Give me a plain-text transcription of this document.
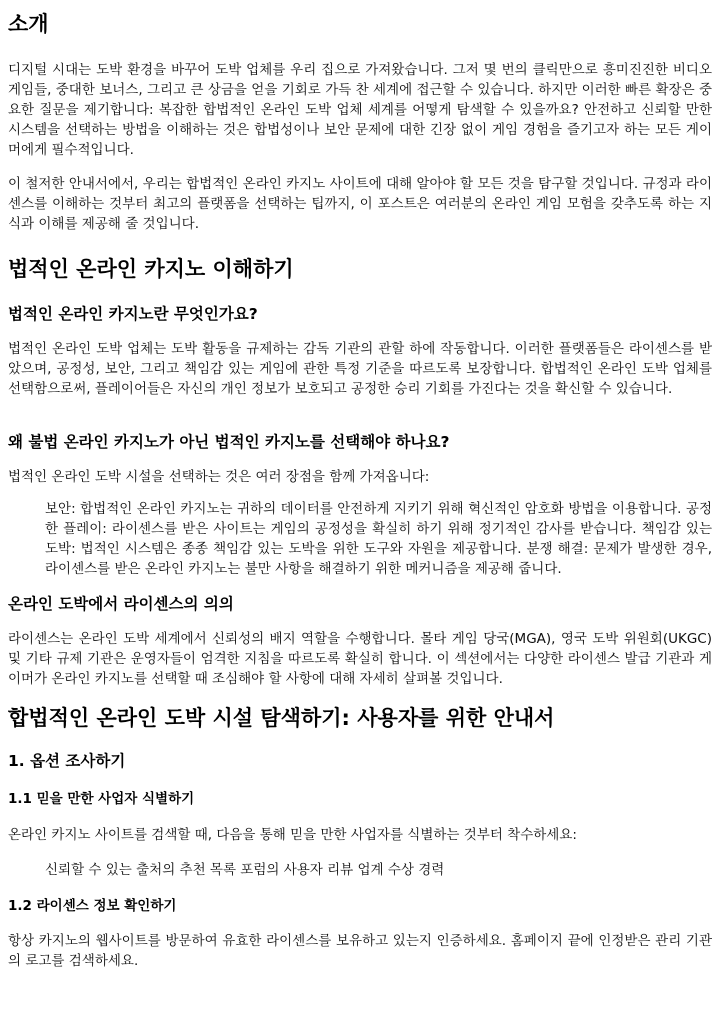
소개

디지털 시대는 도박 환경을 바꾸어 도박 업체를 우리 집으로 가져왔습니다. 그저 몇 번의 클릭만으로 흥미진진한 비디오 게임들, 중대한 보너스, 그리고 큰 상금을 얻을 기회로 가득 찬 세계에 접근할 수 있습니다. 하지만 이러한 빠른 확장은 중요한 질문을 제기합니다: 복잡한 합법적인 온라인 도박 업체 세계를 어떻게 탐색할 수 있을까요? 안전하고 신뢰할 만한 시스템을 선택하는 방법을 이해하는 것은 합법성이나 보안 문제에 대한 긴장 없이 게임 경험을 즐기고자 하는 모든 게이머에게 필수적입니다.

이 철저한 안내서에서, 우리는 합법적인 온라인 카지노 사이트에 대해 알아야 할 모든 것을 탐구할 것입니다. 규정과 라이센스를 이해하는 것부터 최고의 플랫폼을 선택하는 팁까지, 이 포스트은 여러분의 온라인 게임 모험을 갖추도록 하는 지식과 이해를 제공해 줄 것입니다.

법적인 온라인 카지노 이해하기
법적인 온라인 카지노란 무엇인가요?

법적인 온라인 도박 업체는 도박 활동을 규제하는 감독 기관의 관할 하에 작동합니다. 이러한 플랫폼들은 라이센스를 받았으며, 공정성, 보안, 그리고 책임감 있는 게임에 관한 특정 기준을 따르도록 보장합니다. 합법적인 온라인 도박 업체를 선택함으로써, 플레이어들은 자신의 개인 정보가 보호되고 공정한 승리 기회를 가진다는 것을 확신할 수 있습니다.

왜 불법 온라인 카지노가 아닌 법적인 카지노를 선택해야 하나요?

법적인 온라인 도박 시설을 선택하는 것은 여러 장점을 함께 가져옵니다:

보안: 합법적인 온라인 카지노는 귀하의 데이터를 안전하게 지키기 위해 혁신적인 암호화 방법을 이용합니다. 공정한 플레이: 라이센스를 받은 사이트는 게임의 공정성을 확실히 하기 위해 정기적인 감사를 받습니다. 책임감 있는 도박: 법적인 시스템은 종종 책임감 있는 도박을 위한 도구와 자원을 제공합니다. 분쟁 해결: 문제가 발생한 경우, 라이센스를 받은 온라인 카지노는 불만 사항을 해결하기 위한 메커니즘을 제공해 줍니다.

온라인 도박에서 라이센스의 의의

라이센스는 온라인 도박 세계에서 신뢰성의 배지 역할을 수행합니다. 몰타 게임 당국(MGA), 영국 도박 위원회(UKGC) 및 기타 규제 기관은 운영자들이 엄격한 지침을 따르도록 확실히 합니다. 이 섹션에서는 다양한 라이센스 발급 기관과 게이머가 온라인 카지노를 선택할 때 조심해야 할 사항에 대해 자세히 살펴볼 것입니다.

합법적인 온라인 도박 시설 탐색하기: 사용자를 위한 안내서
1. 옵션 조사하기
1.1 믿을 만한 사업자 식별하기

온라인 카지노 사이트를 검색할 때, 다음을 통해 믿을 만한 사업자를 식별하는 것부터 착수하세요:

신뢰할 수 있는 출처의 추천 목록 포럼의 사용자 리뷰 업계 수상 경력

1.2 라이센스 정보 확인하기

항상 카지노의 웹사이트를 방문하여 유효한 라이센스를 보유하고 있는지 인증하세요. 홈페이지 끝에 인정받은 관리 기관의 로고를 검색하세요.
